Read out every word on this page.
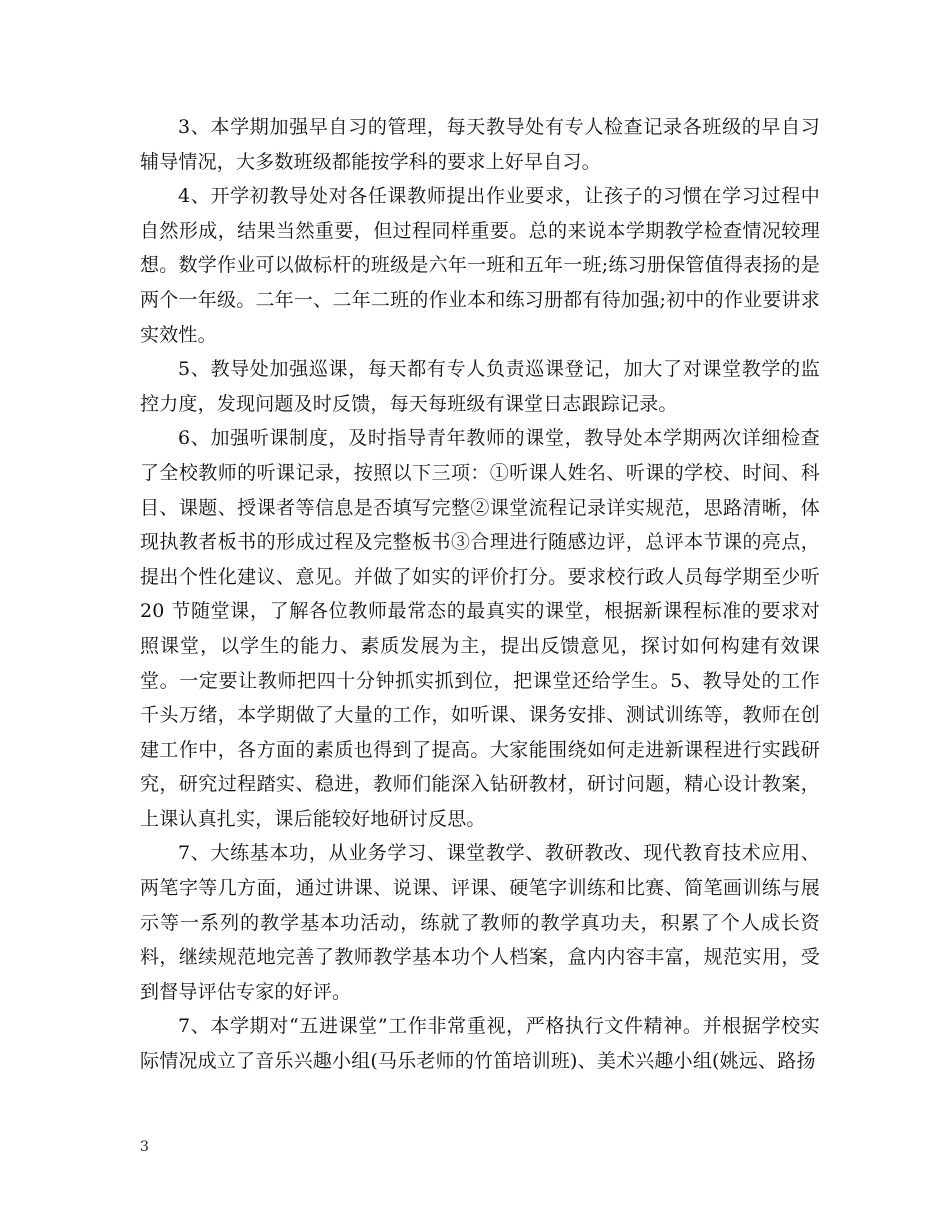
3、本学期加强早自习的管理，每天教导处有专人检查记录各班级的早自习辅导情况，大多数班级都能按学科的要求上好早自习。

4、开学初教导处对各任课教师提出作业要求，让孩子的习惯在学习过程中自然形成，结果当然重要，但过程同样重要。总的来说本学期教学检查情况较理想。数学作业可以做标杆的班级是六年一班和五年一班;练习册保管值得表扬的是两个一年级。二年一、二年二班的作业本和练习册都有待加强;初中的作业要讲求实效性。

5、教导处加强巡课，每天都有专人负责巡课登记，加大了对课堂教学的监控力度，发现问题及时反馈，每天每班级有课堂日志跟踪记录。

6、加强听课制度，及时指导青年教师的课堂，教导处本学期两次详细检查了全校教师的听课记录，按照以下三项：①听课人姓名、听课的学校、时间、科目、课题、授课者等信息是否填写完整②课堂流程记录详实规范，思路清晰，体现执教者板书的形成过程及完整板书③合理进行随感边评，总评本节课的亮点，提出个性化建议、意见。并做了如实的评价打分。要求校行政人员每学期至少听 20 节随堂课，了解各位教师最常态的最真实的课堂，根据新课程标准的要求对照课堂，以学生的能力、素质发展为主，提出反馈意见，探讨如何构建有效课堂。一定要让教师把四十分钟抓实抓到位，把课堂还给学生。5、教导处的工作千头万绪，本学期做了大量的工作，如听课、课务安排、测试训练等，教师在创建工作中，各方面的素质也得到了提高。大家能围绕如何走进新课程进行实践研究，研究过程踏实、稳进，教师们能深入钻研教材，研讨问题，精心设计教案，上课认真扎实，课后能较好地研讨反思。

7、大练基本功，从业务学习、课堂教学、教研教改、现代教育技术应用、两笔字等几方面，通过讲课、说课、评课、硬笔字训练和比赛、简笔画训练与展示等一系列的教学基本功活动，练就了教师的教学真功夫，积累了个人成长资料，继续规范地完善了教师教学基本功个人档案，盒内内容丰富，规范实用，受到督导评估专家的好评。

7、本学期对“五进课堂”工作非常重视，严格执行文件精神。并根据学校实际情况成立了音乐兴趣小组(马乐老师的竹笛培训班)、美术兴趣小组(姚远、路扬

3
